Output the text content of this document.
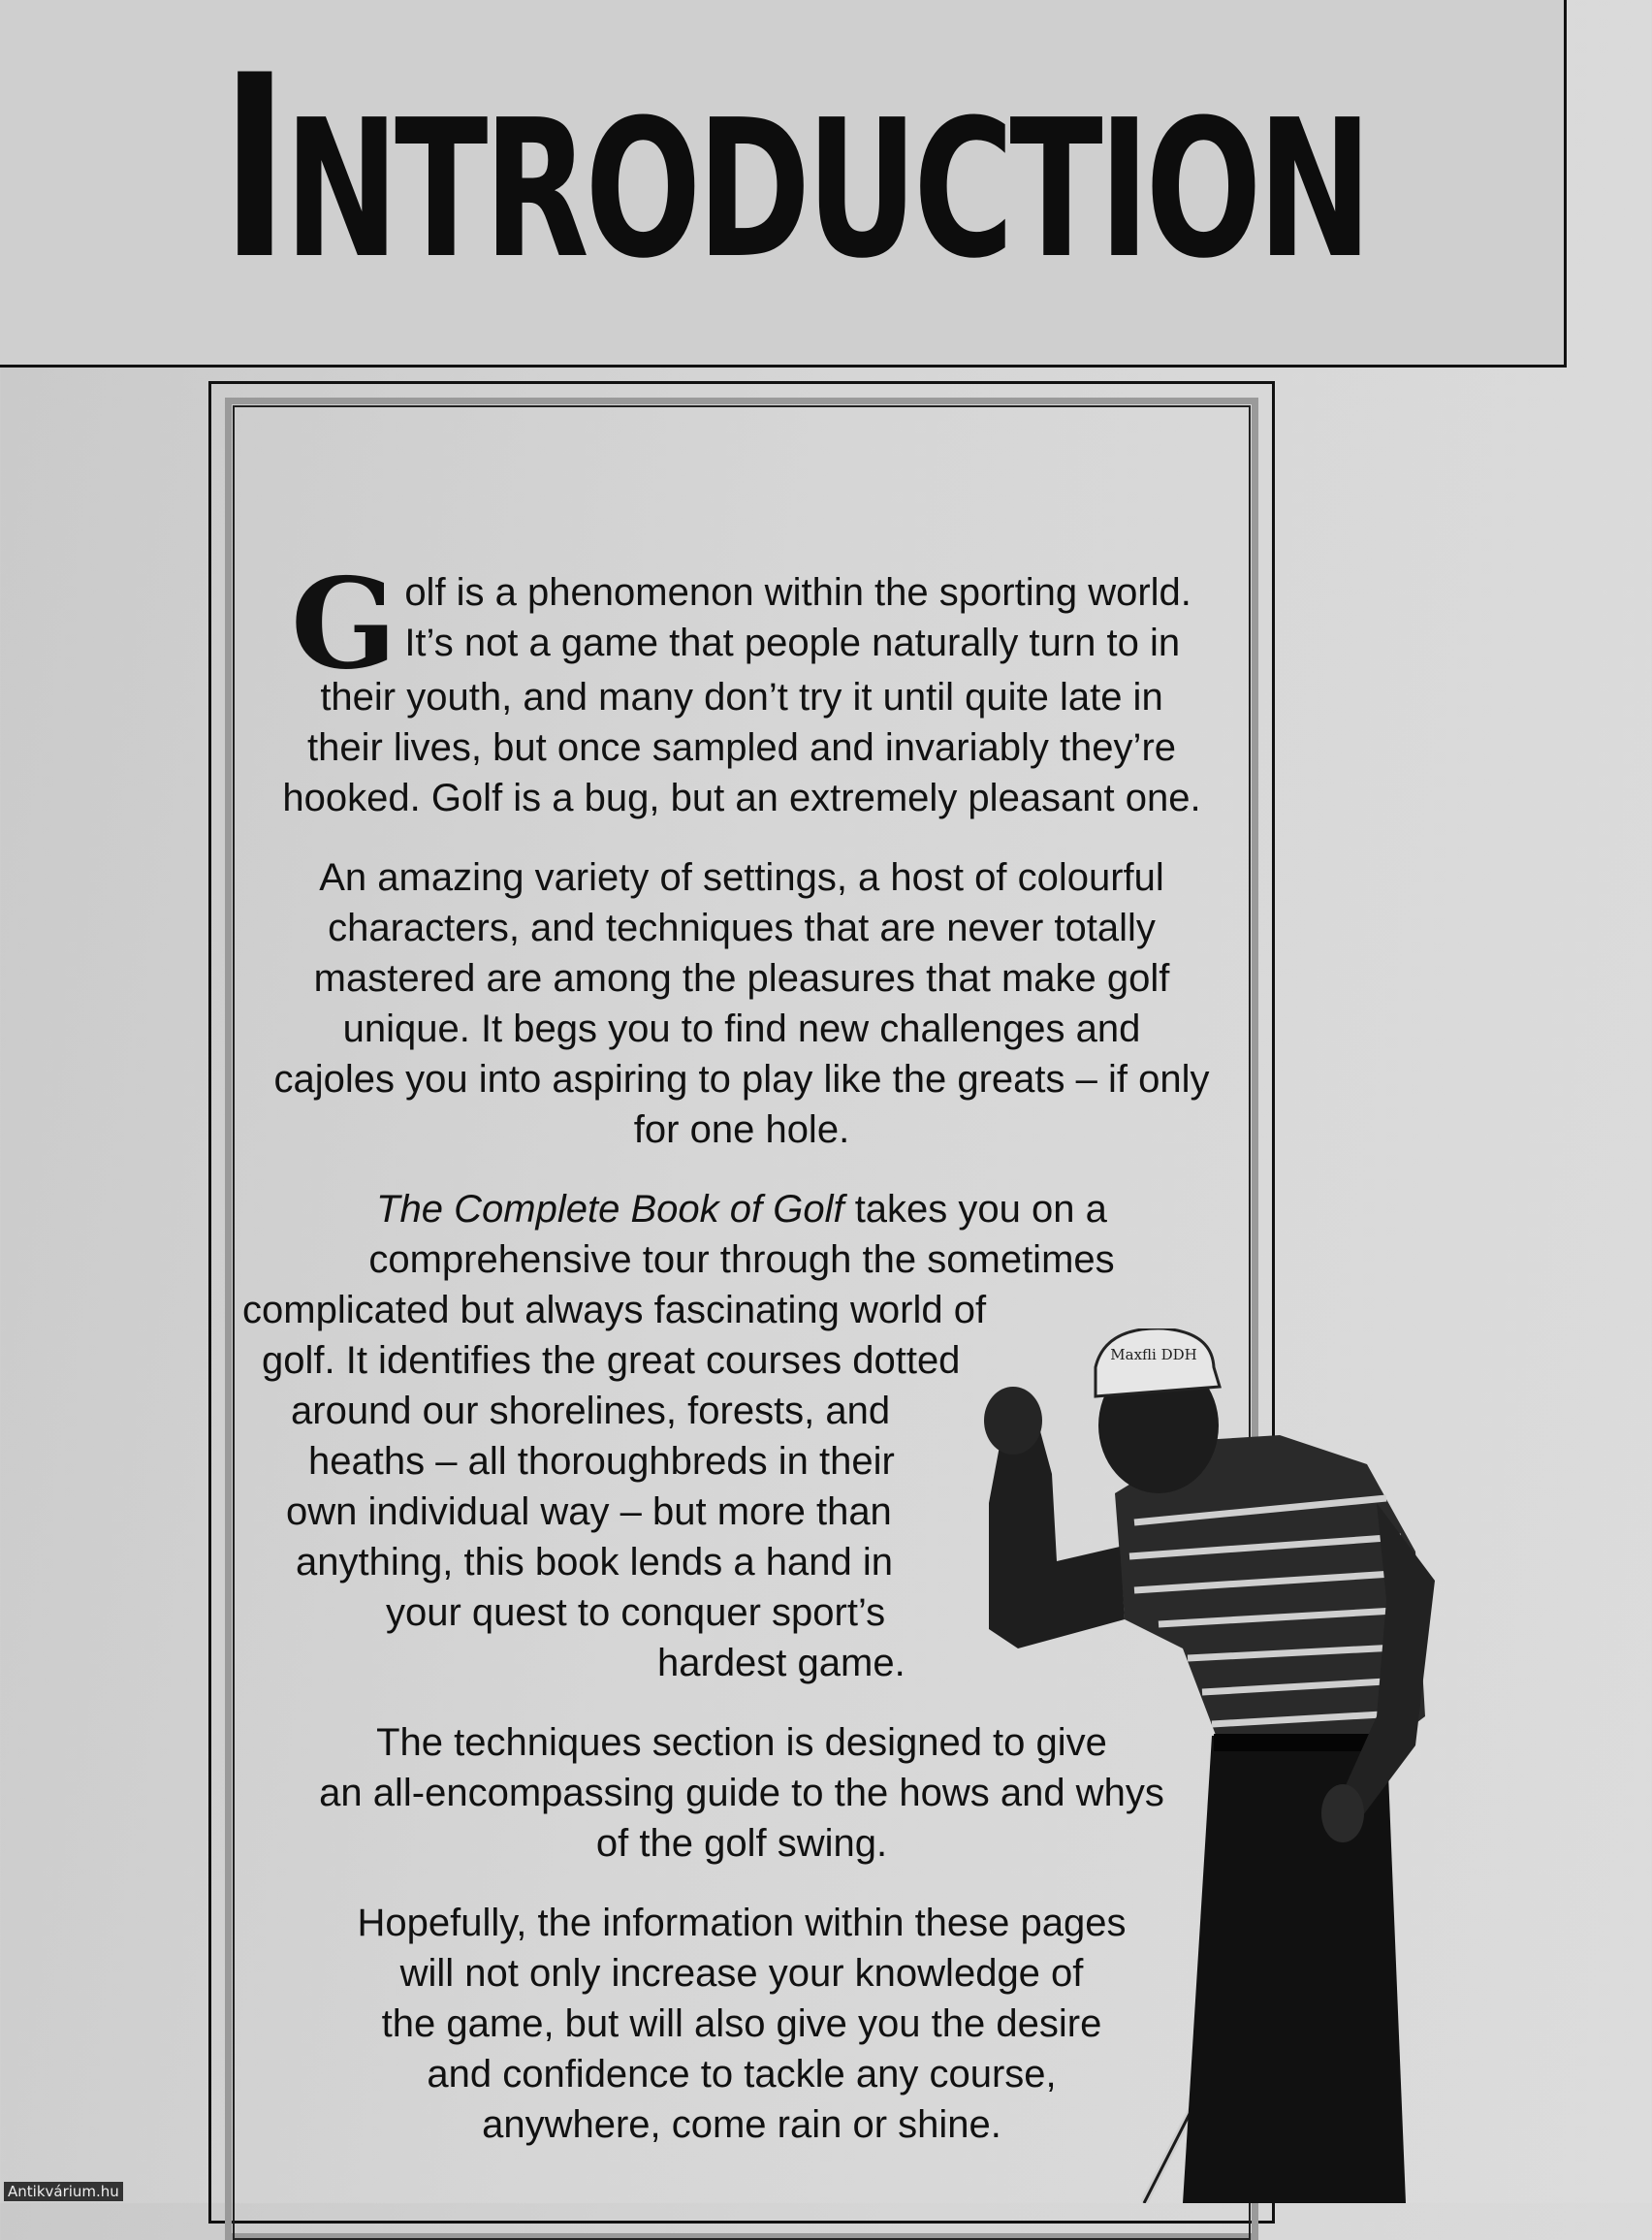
INTRODUCTION

G olf is a phenomenon within the sporting world.
It’s not a game that people naturally turn to in
their youth, and many don’t try it until quite late in
their lives, but once sampled and invariably they’re
hooked. Golf is a bug, but an extremely pleasant one.

An amazing variety of settings, a host of colourful
characters, and techniques that are never totally
mastered are among the pleasures that make golf
unique. It begs you to find new challenges and
cajoles you into aspiring to play like the greats – if only
for one hole.

The Complete Book of Golf takes you on a
comprehensive tour through the sometimes
complicated but always fascinating world of
golf. It identifies the great courses dotted
around our shorelines, forests, and
heaths – all thoroughbreds in their
own individual way – but more than
anything, this book lends a hand in
your quest to conquer sport’s
hardest game.

The techniques section is designed to give
an all-encompassing guide to the hows and whys
of the golf swing.

Hopefully, the information within these pages
will not only increase your knowledge of
the game, but will also give you the desire
and confidence to tackle any course,
anywhere, come rain or shine.

Maxfli DDH
Antikvárium.hu
